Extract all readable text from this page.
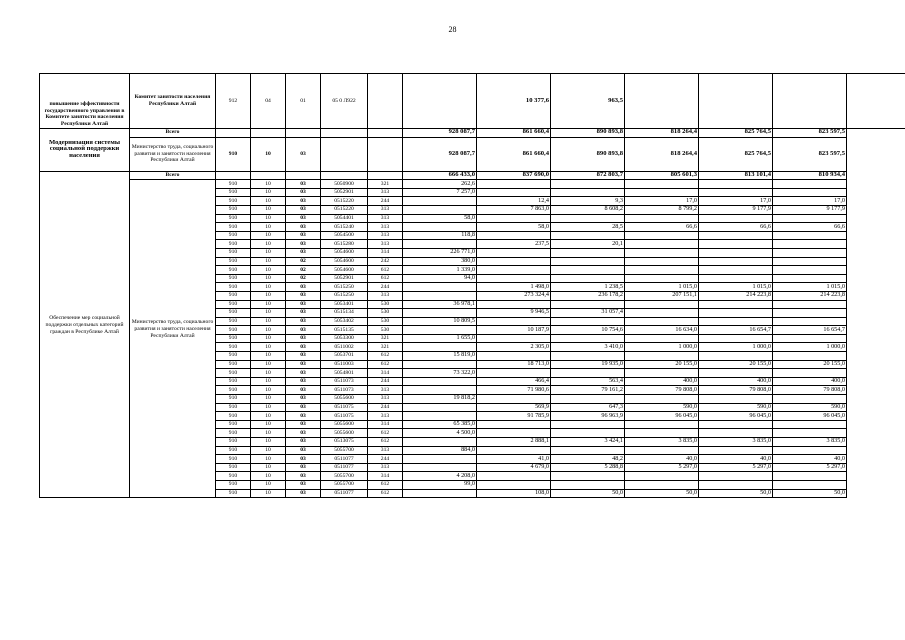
28
повышение эффективности государственного управления в Комитете занятости населения Республики Алтай	Комитет занятости населения Республики Алтай	912	04	01	05 0 Л922			10 377,6	963,5					
Модернизация системы социальной поддержки населения	Всего						928 087,7	861 660,4	890 893,8	818 264,4	825 764,5	823 597,5		
	Министерство труда, социального развития и занятости населения Республики Алтай	910	10	03			928 087,7	861 660,4	890 893,8	818 264,4	825 764,5	823 597,5		

Обеспечение мер социальной поддержки отдельных категорий граждан в Республике Алтай	Всего						666 433,0	837 690,0	872 803,7	805 601,3	813 101,4	810 934,4		

	Министерство труда, социального развития и занятости населения Республики Алтай	910	10	03	5050900	321	262,6							
		910	10	03	5052901	313	7 257,0							
		910	10	03	0515220	244		12,4	9,3	17,0	17,0	17,0		
		910	10	03	0515220	313		7 863,0	8 608,2	8 799,2	9 177,9	9 177,9		
		910	10	03	5054401	313	58,0							
		910	10	03	0515240	313		58,0	28,5	66,6	66,6	66,6		
		910	10	03	5054500	313	118,8							
		910	10	03	0515280	313		237,5	20,1					
		910	10	03	5054600	314	226 771,0							
		910	10	02	5054600	242	380,0							
		910	10	02	5054600	612	1 339,0							
		910	10	02	5052901	612	94,0							
		910	10	03	0515250	244		1 498,0	1 238,5	1 015,0	1 015,0	1 015,0		
		910	10	03	0515250	313		273 324,4	236 178,2	207 151,1	214 223,8	214 223,8		
		910	10	03	5053401	530	36 978,1							
		910	10	03	0515134	530		9 946,5	31 057,4					
		910	10	03	5053402	530	10 809,5							
		910	10	03	0515135	530		10 187,9	10 754,6	16 634,0	16 654,7	16 654,7		
		910	10	03	5053300	321	1 655,0							
		910	10	03	0511002	321		2 305,0	3 410,0	1 000,0	1 000,0	1 000,0		
		910	10	03	5053701	612	15 819,0							
		910	10	03	0511003	612		18 713,0	19 935,0	20 155,0	20 155,0	20 155,0		
		910	10	03	5054801	314	73 322,0							
		910	10	03	0511073	244		466,4	563,4	400,0	400,0	400,0		
		910	10	03	0511073	313		71 980,6	79 161,2	79 808,0	79 808,0	79 808,0		
		910	10	03	5055600	313	19 818,2							
		910	10	03	0511075	244		569,9	647,3	590,0	590,0	590,0		
		910	10	03	0511075	313		91 785,9	96 963,9	96 045,0	96 045,0	96 045,0		
		910	10	03	5055600	314	65 385,0							
		910	10	03	5055600	612	4 500,0							
		910	10	03	0513075	612		2 888,1	3 424,1	3 835,0	3 835,0	3 835,0		
		910	10	03	5055700	313	884,0							
		910	10	03	0511077	244		41,0	48,2	40,0	40,0	40,0		
		910	10	03	0511077	313		4 679,0	5 288,8	5 297,0	5 297,0	5 297,0		
		910	10	03	5055700	314	4 208,0							
		910	10	03	5055700	612	99,0							
		910	10	03	0511077	612		108,0	50,0	50,0	50,0	50,0		
